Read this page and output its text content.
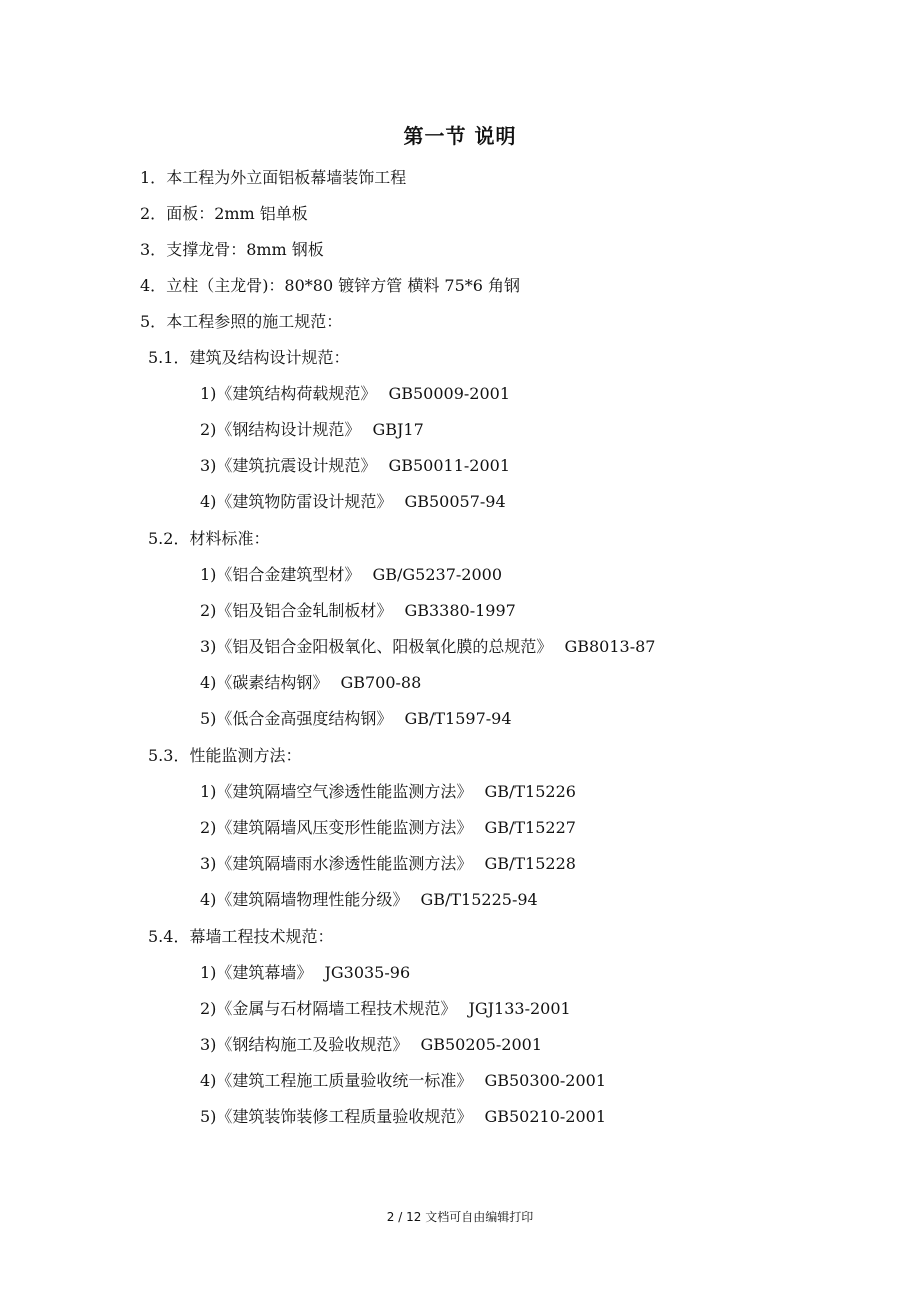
第一节 说明
1．本工程为外立面铝板幕墙装饰工程
2．面板：2mm 铝单板
3．支撑龙骨：8mm 钢板
4．立柱（主龙骨)：80*80 镀锌方管 横料 75*6 角钢
5．本工程参照的施工规范：
5.1．建筑及结构设计规范：
1)《建筑结构荷载规范》 GB50009-2001
2)《钢结构设计规范》 GBJ17
3)《建筑抗震设计规范》 GB50011-2001
4)《建筑物防雷设计规范》 GB50057-94
5.2．材料标准：
1)《铝合金建筑型材》 GB/G5237-2000
2)《铝及铝合金轧制板材》 GB3380-1997
3)《铝及铝合金阳极氧化、阳极氧化膜的总规范》 GB8013-87
4)《碳素结构钢》 GB700-88
5)《低合金高强度结构钢》 GB/T1597-94
5.3．性能监测方法：
1)《建筑隔墙空气渗透性能监测方法》 GB/T15226
2)《建筑隔墙风压变形性能监测方法》 GB/T15227
3)《建筑隔墙雨水渗透性能监测方法》 GB/T15228
4)《建筑隔墙物理性能分级》 GB/T15225-94
5.4．幕墙工程技术规范：
1)《建筑幕墙》 JG3035-96
2)《金属与石材隔墙工程技术规范》 JGJ133-2001
3)《钢结构施工及验收规范》 GB50205-2001
4)《建筑工程施工质量验收统一标准》 GB50300-2001
5)《建筑装饰装修工程质量验收规范》 GB50210-2001
2 / 12 文档可自由编辑打印
